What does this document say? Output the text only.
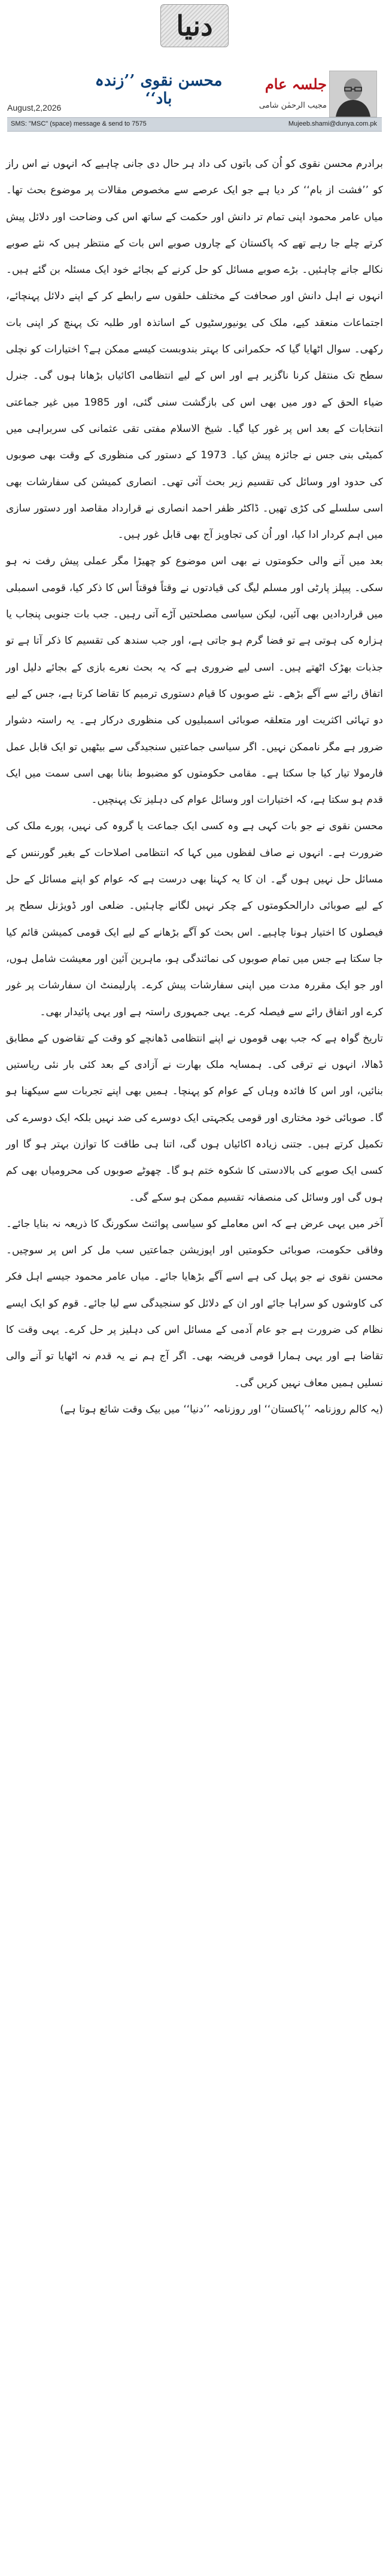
دنیا
محسن نقوی ’’زندہ باد‘‘
جلسہ عام
مجیب الرحمٰن شامی
August,2,2026
SMS: "MSC" (space) message & send to 7575	Mujeeb.shami@dunya.com.pk

برادرم محسن نقوی کو اُن کی باتوں کی داد ہر حال دی جانی چاہیے کہ انہوں نے اس راز کو ’’فشت از بام‘‘ کر دیا ہے جو ایک عرصے سے مخصوص مقالات پر موضوع بحث تھا۔ میاں عامر محمود اپنی تمام تر دانش اور حکمت کے ساتھ اس کی وضاحت اور دلائل پیش کرتے چلے جا رہے تھے کہ پاکستان کے چاروں صوبے اس بات کے منتظر ہیں کہ نئے صوبے نکالے جانے چاہئیں۔ بڑے صوبے مسائل کو حل کرنے کے بجائے خود ایک مسئلہ بن گئے ہیں۔ انہوں نے اہل دانش اور صحافت کے مختلف حلقوں سے رابطے کر کے اپنے دلائل پہنچائے، اجتماعات منعقد کیے، ملک کی یونیورسٹیوں کے اساتذہ اور طلبہ تک پہنچ کر اپنی بات رکھی۔ سوال اٹھایا گیا کہ حکمرانی کا بہتر بندوبست کیسے ممکن ہے؟ اختیارات کو نچلی سطح تک منتقل کرنا ناگزیر ہے اور اس کے لیے انتظامی اکائیاں بڑھانا ہوں گی۔ جنرل ضیاء الحق کے دور میں بھی اس کی بازگشت سنی گئی، اور 1985 میں غیر جماعتی انتخابات کے بعد اس پر غور کیا گیا۔ شیخ الاسلام مفتی تقی عثمانی کی سربراہی میں کمیٹی بنی جس نے جائزہ پیش کیا۔ 1973 کے دستور کی منظوری کے وقت بھی صوبوں کی حدود اور وسائل کی تقسیم زیر بحث آئی تھی۔ انصاری کمیشن کی سفارشات بھی اسی سلسلے کی کڑی تھیں۔ ڈاکٹر ظفر احمد انصاری نے قرارداد مقاصد اور دستور سازی میں اہم کردار ادا کیا، اور اُن کی تجاویز آج بھی قابل غور ہیں۔

بعد میں آنے والی حکومتوں نے بھی اس موضوع کو چھیڑا مگر عملی پیش رفت نہ ہو سکی۔ پیپلز پارٹی اور مسلم لیگ کی قیادتوں نے وقتاً فوقتاً اس کا ذکر کیا، قومی اسمبلی میں قراردادیں بھی آئیں، لیکن سیاسی مصلحتیں آڑے آتی رہیں۔ جب بات جنوبی پنجاب یا ہزارہ کی ہوتی ہے تو فضا گرم ہو جاتی ہے، اور جب سندھ کی تقسیم کا ذکر آتا ہے تو جذبات بھڑک اٹھتے ہیں۔ اسی لیے ضروری ہے کہ یہ بحث نعرے بازی کے بجائے دلیل اور اتفاق رائے سے آگے بڑھے۔ نئے صوبوں کا قیام دستوری ترمیم کا تقاضا کرتا ہے، جس کے لیے دو تہائی اکثریت اور متعلقہ صوبائی اسمبلیوں کی منظوری درکار ہے۔ یہ راستہ دشوار ضرور ہے مگر ناممکن نہیں۔ اگر سیاسی جماعتیں سنجیدگی سے بیٹھیں تو ایک قابل عمل فارمولا تیار کیا جا سکتا ہے۔ مقامی حکومتوں کو مضبوط بنانا بھی اسی سمت میں ایک قدم ہو سکتا ہے، کہ اختیارات اور وسائل عوام کی دہلیز تک پہنچیں۔

محسن نقوی نے جو بات کہی ہے وہ کسی ایک جماعت یا گروہ کی نہیں، پورے ملک کی ضرورت ہے۔ انہوں نے صاف لفظوں میں کہا کہ انتظامی اصلاحات کے بغیر گورننس کے مسائل حل نہیں ہوں گے۔ ان کا یہ کہنا بھی درست ہے کہ عوام کو اپنے مسائل کے حل کے لیے صوبائی دارالحکومتوں کے چکر نہیں لگانے چاہئیں۔ ضلعی اور ڈویژنل سطح پر فیصلوں کا اختیار ہونا چاہیے۔ اس بحث کو آگے بڑھانے کے لیے ایک قومی کمیشن قائم کیا جا سکتا ہے جس میں تمام صوبوں کی نمائندگی ہو، ماہرین آئین اور معیشت شامل ہوں، اور جو ایک مقررہ مدت میں اپنی سفارشات پیش کرے۔ پارلیمنٹ ان سفارشات پر غور کرے اور اتفاق رائے سے فیصلہ کرے۔ یہی جمہوری راستہ ہے اور یہی پائیدار بھی۔

تاریخ گواہ ہے کہ جب بھی قوموں نے اپنے انتظامی ڈھانچے کو وقت کے تقاضوں کے مطابق ڈھالا، انہوں نے ترقی کی۔ ہمسایہ ملک بھارت نے آزادی کے بعد کئی بار نئی ریاستیں بنائیں، اور اس کا فائدہ وہاں کے عوام کو پہنچا۔ ہمیں بھی اپنے تجربات سے سیکھنا ہو گا۔ صوبائی خود مختاری اور قومی یکجہتی ایک دوسرے کی ضد نہیں بلکہ ایک دوسرے کی تکمیل کرتے ہیں۔ جتنی زیادہ اکائیاں ہوں گی، اتنا ہی طاقت کا توازن بہتر ہو گا اور کسی ایک صوبے کی بالادستی کا شکوہ ختم ہو گا۔ چھوٹے صوبوں کی محرومیاں بھی کم ہوں گی اور وسائل کی منصفانہ تقسیم ممکن ہو سکے گی۔

آخر میں یہی عرض ہے کہ اس معاملے کو سیاسی پوائنٹ سکورنگ کا ذریعہ نہ بنایا جائے۔ وفاقی حکومت، صوبائی حکومتیں اور اپوزیشن جماعتیں سب مل کر اس پر سوچیں۔ محسن نقوی نے جو پہل کی ہے اسے آگے بڑھایا جائے۔ میاں عامر محمود جیسے اہل فکر کی کاوشوں کو سراہا جائے اور ان کے دلائل کو سنجیدگی سے لیا جائے۔ قوم کو ایک ایسے نظام کی ضرورت ہے جو عام آدمی کے مسائل اس کی دہلیز پر حل کرے۔ یہی وقت کا تقاضا ہے اور یہی ہمارا قومی فریضہ بھی۔ اگر آج ہم نے یہ قدم نہ اٹھایا تو آنے والی نسلیں ہمیں معاف نہیں کریں گی۔

(یہ کالم روزنامہ ’’پاکستان‘‘ اور روزنامہ ’’دنیا‘‘ میں بیک وقت شائع ہوتا ہے)
